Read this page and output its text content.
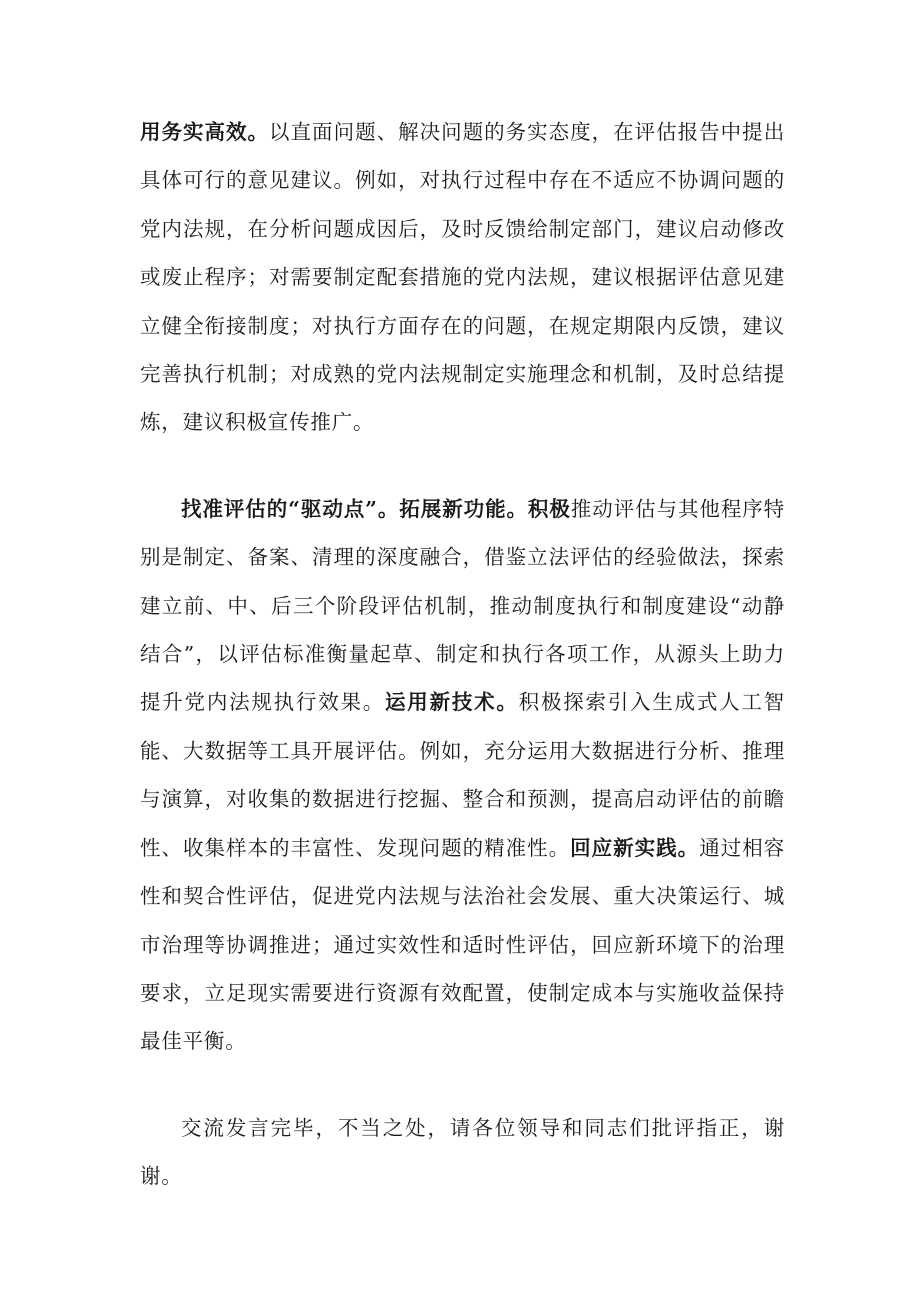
用务实高效。以直面问题、解决问题的务实态度，在评估报告中提出具体可行的意见建议。例如，对执行过程中存在不适应不协调问题的党内法规，在分析问题成因后，及时反馈给制定部门，建议启动修改或废止程序；对需要制定配套措施的党内法规，建议根据评估意见建立健全衔接制度；对执行方面存在的问题，在规定期限内反馈，建议完善执行机制；对成熟的党内法规制定实施理念和机制，及时总结提炼，建议积极宣传推广。

找准评估的“驱动点”。拓展新功能。积极推动评估与其他程序特别是制定、备案、清理的深度融合，借鉴立法评估的经验做法，探索建立前、中、后三个阶段评估机制，推动制度执行和制度建设“动静结合”，以评估标准衡量起草、制定和执行各项工作，从源头上助力提升党内法规执行效果。运用新技术。积极探索引入生成式人工智能、大数据等工具开展评估。例如，充分运用大数据进行分析、推理与演算，对收集的数据进行挖掘、整合和预测，提高启动评估的前瞻性、收集样本的丰富性、发现问题的精准性。回应新实践。通过相容性和契合性评估，促进党内法规与法治社会发展、重大决策运行、城市治理等协调推进；通过实效性和适时性评估，回应新环境下的治理要求，立足现实需要进行资源有效配置，使制定成本与实施收益保持最佳平衡。

交流发言完毕，不当之处，请各位领导和同志们批评指正，谢谢。
